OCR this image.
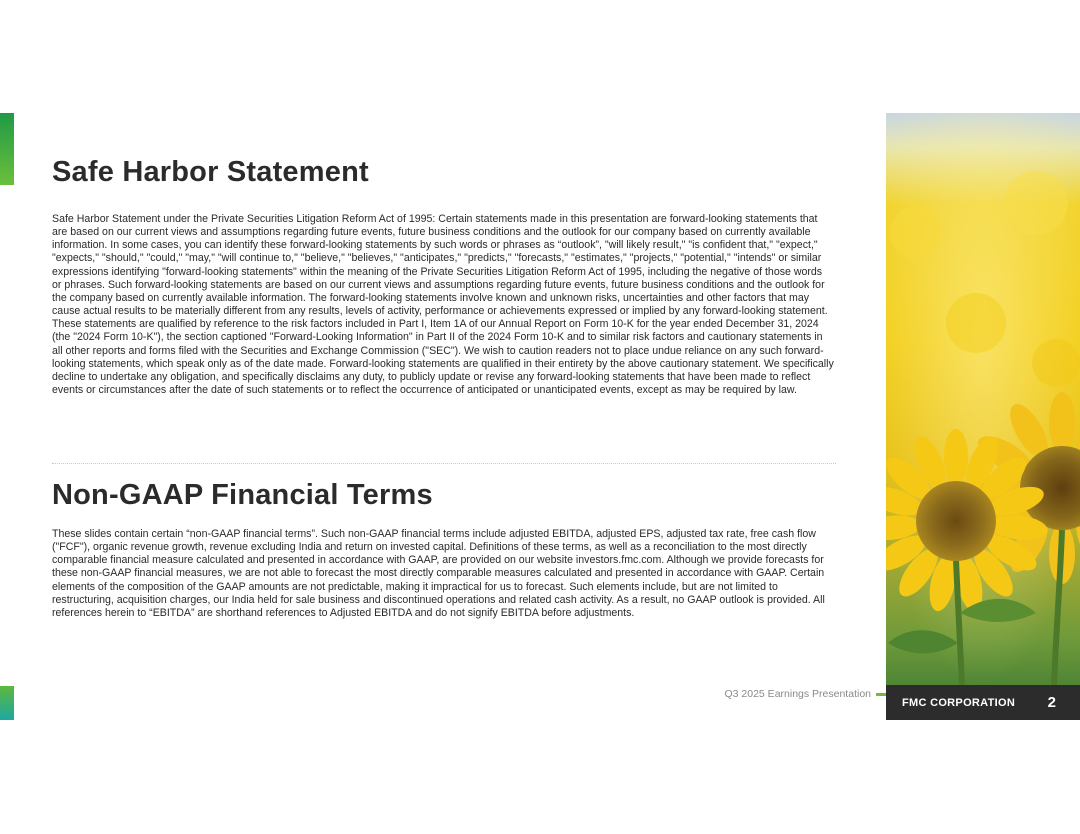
Safe Harbor Statement

Safe Harbor Statement under the Private Securities Litigation Reform Act of 1995: Certain statements made in this presentation are forward-looking statements that are based on our current views and assumptions regarding future events, future business conditions and the outlook for our company based on currently available information. In some cases, you can identify these forward-looking statements by such words or phrases as “outlook”, "will likely result," "is confident that," "expect," "expects," "should," "could," "may," "will continue to," "believe," "believes," "anticipates," "predicts," "forecasts," "estimates," "projects," "potential," "intends" or similar expressions identifying "forward-looking statements" within the meaning of the Private Securities Litigation Reform Act of 1995, including the negative of those words or phrases. Such forward-looking statements are based on our current views and assumptions regarding future events, future business conditions and the outlook for the company based on currently available information. The forward-looking statements involve known and unknown risks, uncertainties and other factors that may cause actual results to be materially different from any results, levels of activity, performance or achievements expressed or implied by any forward-looking statement. These statements are qualified by reference to the risk factors included in Part I, Item 1A of our Annual Report on Form 10-K for the year ended December 31, 2024 (the "2024 Form 10-K"), the section captioned "Forward-Looking Information" in Part II of the 2024 Form 10-K and to similar risk factors and cautionary statements in all other reports and forms filed with the Securities and Exchange Commission ("SEC"). We wish to caution readers not to place undue reliance on any such forward-looking statements, which speak only as of the date made. Forward-looking statements are qualified in their entirety by the above cautionary statement. We specifically decline to undertake any obligation, and specifically disclaims any duty, to publicly update or revise any forward-looking statements that have been made to reflect events or circumstances after the date of such statements or to reflect the occurrence of anticipated or unanticipated events, except as may be required by law.

Non-GAAP Financial Terms

These slides contain certain “non-GAAP financial terms”. Such non-GAAP financial terms include adjusted EBITDA, adjusted EPS, adjusted tax rate, free cash flow ("FCF"), organic revenue growth, revenue excluding India and return on invested capital. Definitions of these terms, as well as a reconciliation to the most directly comparable financial measure calculated and presented in accordance with GAAP, are provided on our website investors.fmc.com. Although we provide forecasts for these non-GAAP financial measures, we are not able to forecast the most directly comparable measures calculated and presented in accordance with GAAP. Certain elements of the composition of the GAAP amounts are not predictable, making it impractical for us to forecast. Such elements include, but are not limited to restructuring, acquisition charges, our India held for sale business and discontinued operations and related cash activity. As a result, no GAAP outlook is provided. All references herein to “EBITDA” are shorthand references to Adjusted EBITDA and do not signify EBITDA before adjustments.

Q3 2025 Earnings Presentation
FMC CORPORATION 2
